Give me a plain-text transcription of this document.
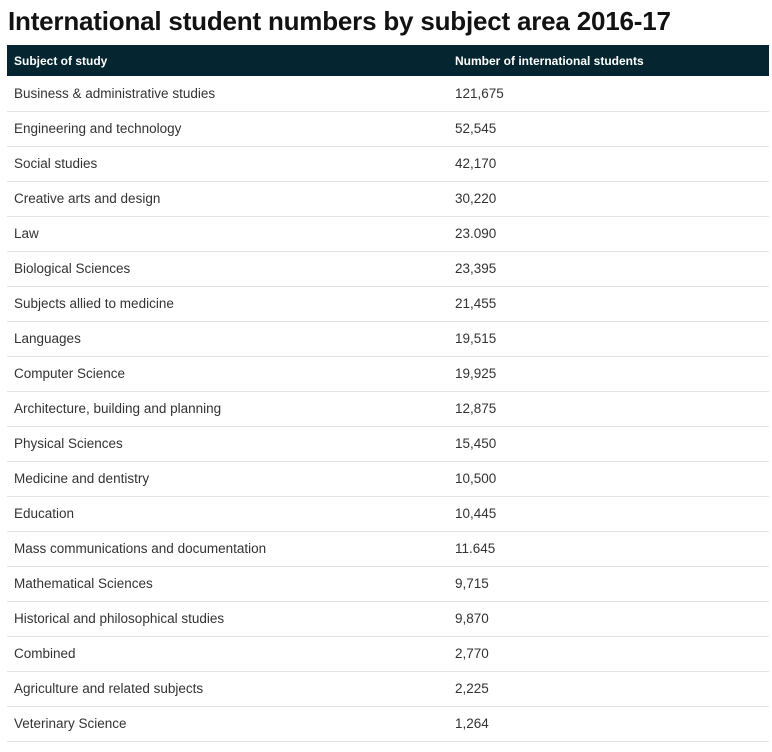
International student numbers by subject area 2016-17
Subject of study	Number of international students
Business & administrative studies	121,675
Engineering and technology	52,545
Social studies	42,170
Creative arts and design	30,220
Law	23.090
Biological Sciences	23,395
Subjects allied to medicine	21,455
Languages	19,515
Computer Science	19,925
Architecture, building and planning	12,875
Physical Sciences	15,450
Medicine and dentistry	10,500
Education	10,445
Mass communications and documentation	11.645
Mathematical Sciences	9,715
Historical and philosophical studies	9,870
Combined	2,770
Agriculture and related subjects	2,225
Veterinary Science	1,264
